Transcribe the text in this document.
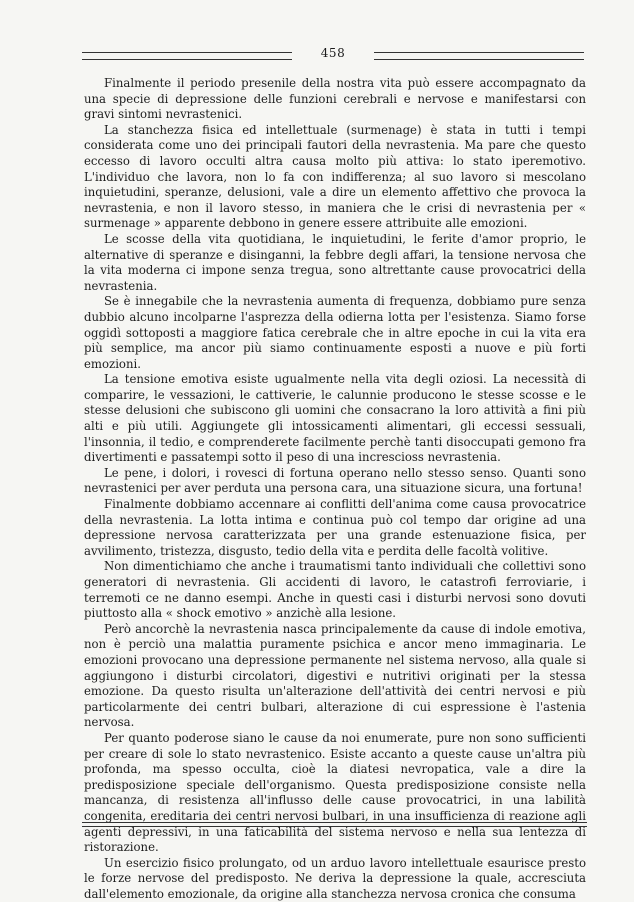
458

Finalmente il periodo presenile della nostra vita può essere accompagnato da una specie di depressione delle funzioni cerebrali e nervose e manifestarsi con gravi sintomi nevrastenici.

La stanchezza fisica ed intellettuale (surmenage) è stata in tutti i tempi considerata come uno dei principali fautori della nevrastenia. Ma pare che questo eccesso di lavoro occulti altra causa molto più attiva: lo stato iperemotivo. L'individuo che lavora, non lo fa con indifferenza; al suo lavoro si mescolano inquietudini, speranze, delusioni, vale a dire un elemento affettivo che provoca la nevrastenia, e non il lavoro stesso, in maniera che le crisi di nevrastenia per « surmenage » apparente debbono in genere essere attribuite alle emozioni.

Le scosse della vita quotidiana, le inquietudini, le ferite d'amor proprio, le alternative di speranze e disinganni, la febbre degli affari, la tensione nervosa che la vita moderna ci impone senza tregua, sono altrettante cause provocatrici della nevrastenia.

Se è innegabile che la nevrastenia aumenta di frequenza, dobbiamo pure senza dubbio alcuno incolparne l'asprezza della odierna lotta per l'esistenza. Siamo forse oggidì sottoposti a maggiore fatica cerebrale che in altre epoche in cui la vita era più semplice, ma ancor più siamo continuamente esposti a nuove e più forti emozioni.

La tensione emotiva esiste ugualmente nella vita degli oziosi. La necessità di comparire, le vessazioni, le cattiverie, le calunnie producono le stesse scosse e le stesse delusioni che subiscono gli uomini che consacrano la loro attività a fini più alti e più utili. Aggiungete gli intossicamenti alimentari, gli eccessi sessuali, l'insonnia, il tedio, e comprenderete facilmente perchè tanti disoccupati gemono fra divertimenti e passatempi sotto il peso di una increscioss nevrastenia.

Le pene, i dolori, i rovesci di fortuna operano nello stesso senso. Quanti sono nevrastenici per aver perduta una persona cara, una situazione sicura, una fortuna!

Finalmente dobbiamo accennare ai conflitti dell'anima come causa provocatrice della nevrastenia. La lotta intima e continua può col tempo dar origine ad una depressione nervosa caratterizzata per una grande estenuazione fisica, per avvilimento, tristezza, disgusto, tedio della vita e perdita delle facoltà volitive.

Non dimentichiamo che anche i traumatismi tanto individuali che collettivi sono generatori di nevrastenia. Gli accidenti di lavoro, le catastrofi ferroviarie, i terremoti ce ne danno esempi. Anche in questi casi i disturbi nervosi sono dovuti piuttosto alla « shock emotivo » anzichè alla lesione.

Però ancorchè la nevrastenia nasca principalemente da cause di indole emotiva, non è perciò una malattia puramente psichica e ancor meno immaginaria. Le emozioni provocano una depressione permanente nel sistema nervoso, alla quale si aggiungono i disturbi circolatori, digestivi e nutritivi originati per la stessa emozione. Da questo risulta un'alterazione dell'attività dei centri nervosi e più particolarmente dei centri bulbari, alterazione di cui espressione è l'astenia nervosa.

Per quanto poderose siano le cause da noi enumerate, pure non sono sufficienti per creare di sole lo stato nevrastenico. Esiste accanto a queste cause un'altra più profonda, ma spesso occulta, cioè la diatesi nevropatica, vale a dire la predisposizione speciale dell'organismo. Questa predisposizione consiste nella mancanza, di resistenza all'influsso delle cause provocatrici, in una labilità congenita, ereditaria dei centri nervosi bulbari, in una insufficienza di reazione agli agenti depressivi, in una faticabilità del sistema nervoso e nella sua lentezza di ristorazione.

Un esercizio fisico prolungato, od un arduo lavoro intellettuale esaurisce presto le forze nervose del predisposto. Ne deriva la depressione la quale, accresciuta dall'elemento emozionale, da origine alla stanchezza nervosa cronica che consuma
